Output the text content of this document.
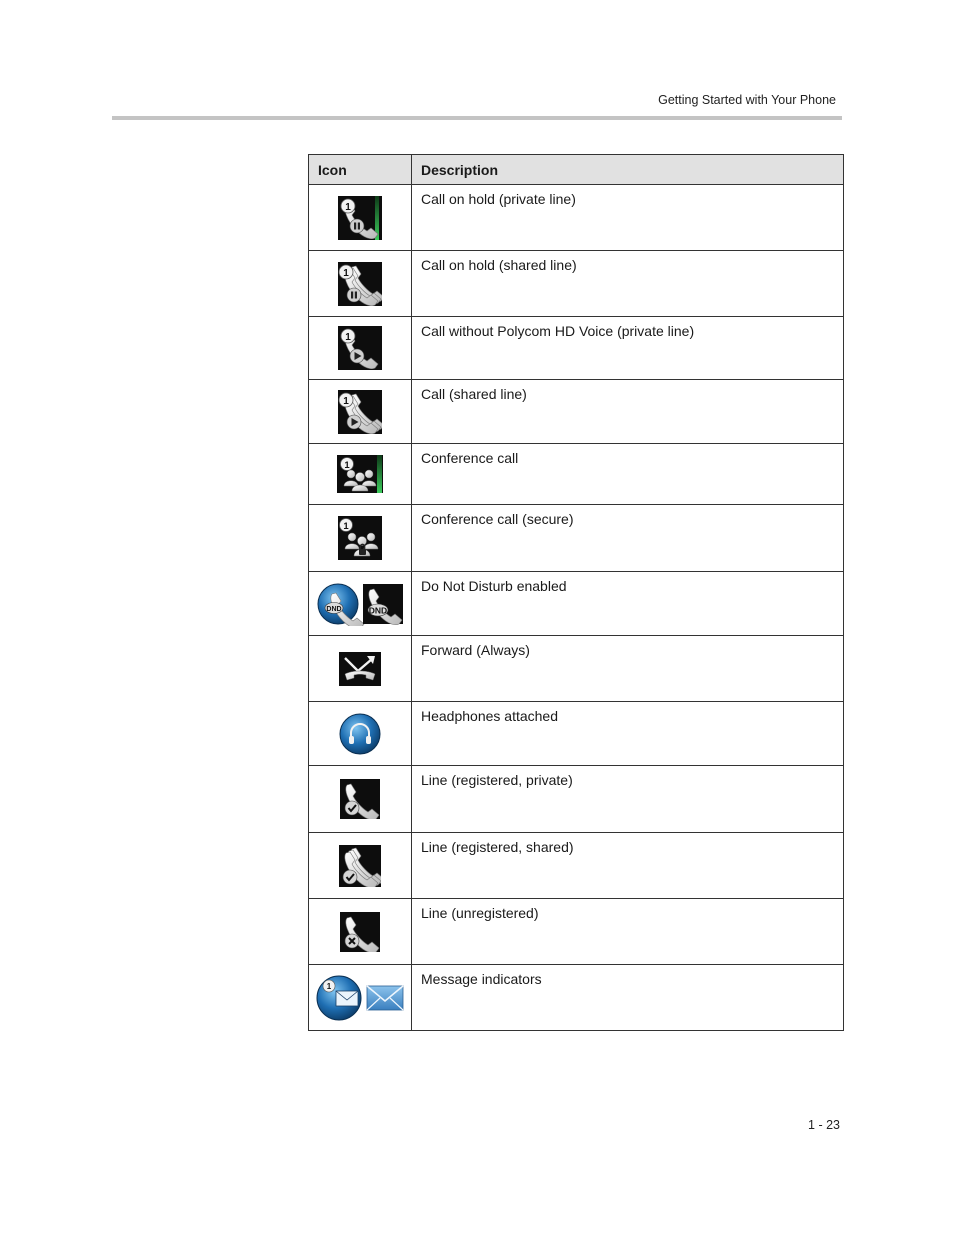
Getting Started with Your Phone
Icon	Description

1	Call on hold (private line)

1	Call on hold (shared line)

1	Call without Polycom HD Voice (private line)

1	Call (shared line)

1	Conference call

1	Conference call (secure)

DND DND	Do Not Disturb enabled
	Forward (Always)
	Headphones attached
	Line (registered, private)
	Line (registered, shared)
	Line (unregistered)

1	Message indicators
1 - 23
